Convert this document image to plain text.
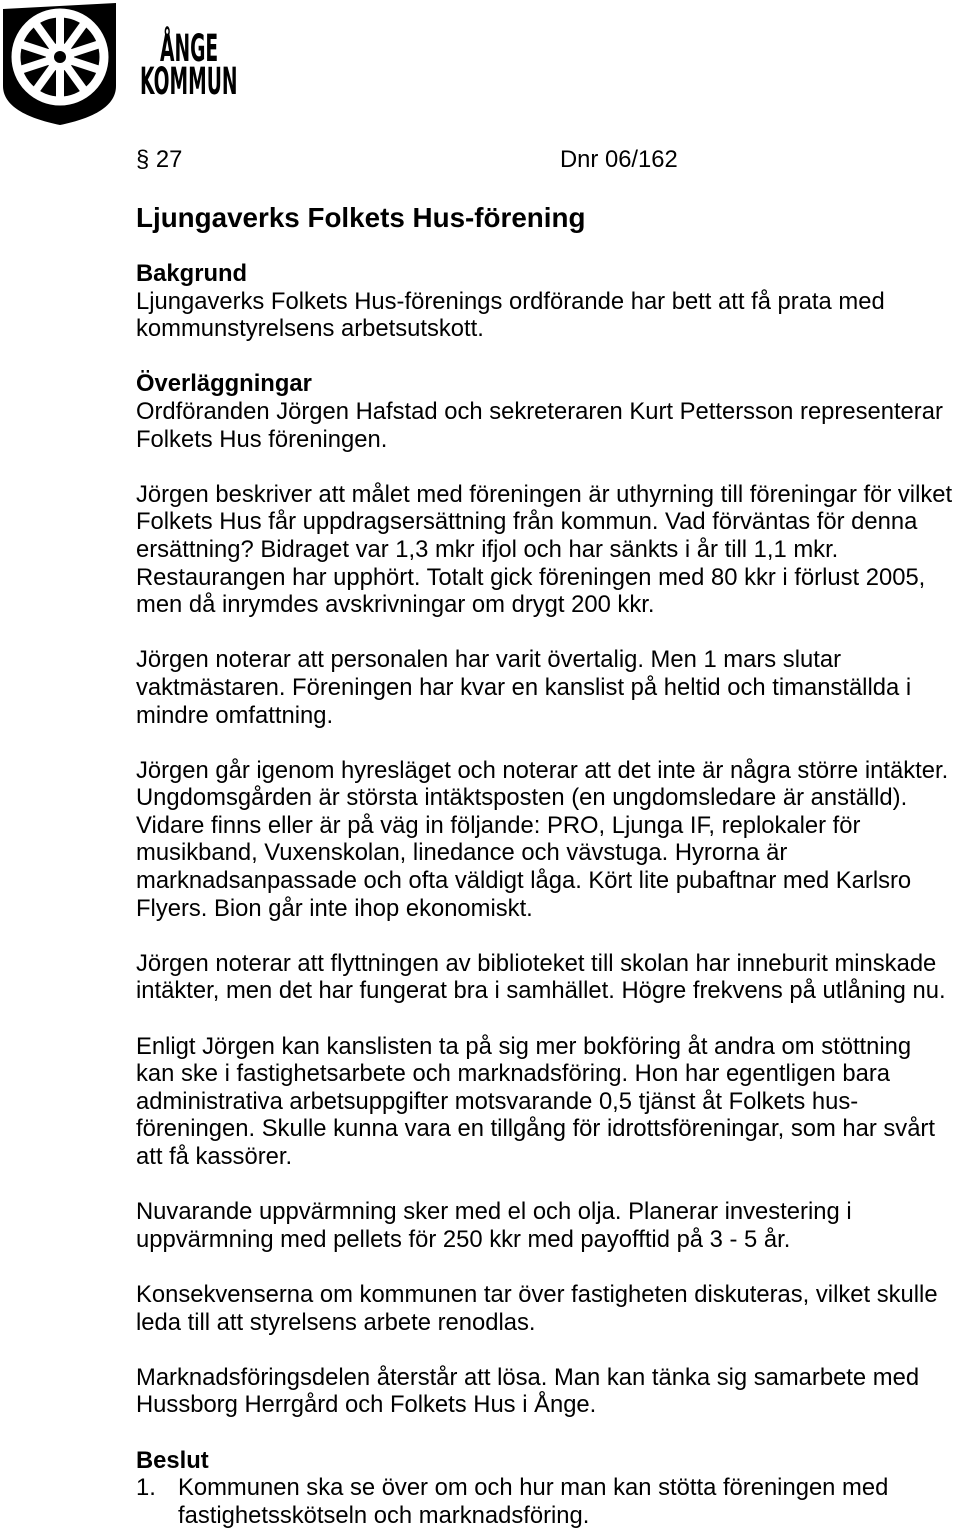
ÅNGE
KOMMUN
§ 27	Dnr 06/162
Ljungaverks Folkets Hus-förening
Bakgrund

Ljungaverks Folkets Hus-förenings ordförande har bett att få prata med
kommunstyrelsens arbetsutskott.

Överläggningar

Ordföranden Jörgen Hafstad och sekreteraren Kurt Pettersson representerar
Folkets Hus föreningen.

Jörgen beskriver att målet med föreningen är uthyrning till föreningar för vilket
Folkets Hus får uppdragsersättning från kommun. Vad förväntas för denna
ersättning? Bidraget var 1,3 mkr ifjol och har sänkts i år till 1,1 mkr.
Restaurangen har upphört. Totalt gick föreningen med 80 kkr i förlust 2005,
men då inrymdes avskrivningar om drygt 200 kkr.

Jörgen noterar att personalen har varit övertalig. Men 1 mars slutar
vaktmästaren. Föreningen har kvar en kanslist på heltid och timanställda i
mindre omfattning.

Jörgen går igenom hyresläget och noterar att det inte är några större intäkter.
Ungdomsgården är största intäktsposten (en ungdomsledare är anställd).
Vidare finns eller är på väg in följande: PRO, Ljunga IF, replokaler för
musikband, Vuxenskolan, linedance och vävstuga. Hyrorna är
marknadsanpassade och ofta väldigt låga. Kört lite pubaftnar med Karlsro
Flyers. Bion går inte ihop ekonomiskt.

Jörgen noterar att flyttningen av biblioteket till skolan har inneburit minskade
intäkter, men det har fungerat bra i samhället. Högre frekvens på utlåning nu.

Enligt Jörgen kan kanslisten ta på sig mer bokföring åt andra om stöttning
kan ske i fastighetsarbete och marknadsföring. Hon har egentligen bara
administrativa arbetsuppgifter motsvarande 0,5 tjänst åt Folkets hus-
föreningen. Skulle kunna vara en tillgång för idrottsföreningar, som har svårt
att få kassörer.

Nuvarande uppvärmning sker med el och olja. Planerar investering i
uppvärmning med pellets för 250 kkr med payofftid på 3 - 5 år.

Konsekvenserna om kommunen tar över fastigheten diskuteras, vilket skulle
leda till att styrelsens arbete renodlas.

Marknadsföringsdelen återstår att lösa. Man kan tänka sig samarbete med
Hussborg Herrgård och Folkets Hus i Ånge.

Beslut
1. Kommunen ska se över om och hur man kan stötta föreningen med
fastighetsskötseln och marknadsföring.
